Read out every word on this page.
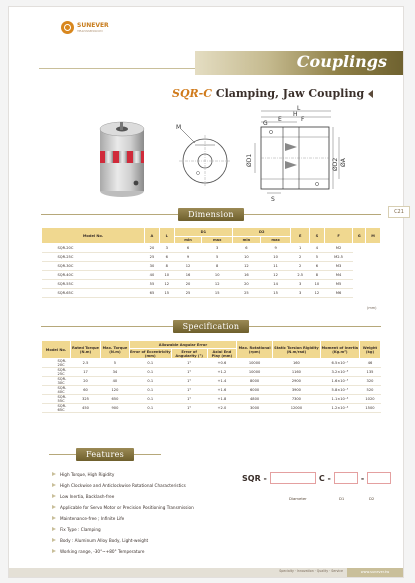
SUNEVER
TRANSMISSION
Couplings
SQR-C Clamping, Jaw Coupling
M
L
H
E	F
G
S
ØD1	ØD2 ØA
Dimension
Model No.	A	L	D1		D2		E	S	F	G	M
			min	max	min	max					
SQR-20C	20	3	6	3	6	9	1	4	M2		
SQR-25C	25	6	9	5	10	10	2	5	M2.5		
SQR-30C	30	8	12	8	12	11	2	6	M3		
SQR-40C	40	10	16	10	16	12	2.5	8	M4		
SQR-55C	55	12	20	12	20	14	3	10	M5		
SQR-65C	65	15	25	15	25	15	3	12	M6		
(mm)
Specification
Model No.	Rated Torque (N.m)	Max. Torque (N.m)	Allowable Angular Error			Max. Rotational (rpm)	Static Torsion Rigidity (N.m/rad)	Moment of Inertia (Kg.m²)	Weight (kg)
			Error of Eccentricity (mm)	Error of Angularity (°)	Axial End Play (mm)				
SQR-20C	2.5	5	0.1	1°	+0.6	10000	160	6.5×10⁻⁷	46
SQR-25C	17	34	0.1	1°	+1.2	10000	1160	3.2×10⁻⁶	135
SQR-30C	20	40	0.1	1°	+1.4	8000	2900	1.6×10⁻⁵	320
SQR-40C	60	120	0.1	1°	+1.6	6000	3900	5.8×10⁻⁵	520
SQR-55C	325	650	0.1	1°	+1.8	4800	7300	1.1×10⁻⁴	1020
SQR-65C	450	900	0.1	1°	+2.0	3000	12000	1.2×10⁻⁴	1500
Features
High Torque, High Rigidity
High Clockwise and Anticlockwise Rotational Characteristics
Low Inertia, Backlash-free
Applicable for Servo Motor or Precision Positioning Transmission
Maintenance-free ; Infinite Life
Fix Type : Clamping
Body : Aluminum Alloy Body, Light-weight
Working range, -30°~+80° Temperature
SQR -	C -	-
Diameter	D1	D2
Specialty · Innovation · Quality · Service	www.sunever.tw
C21
